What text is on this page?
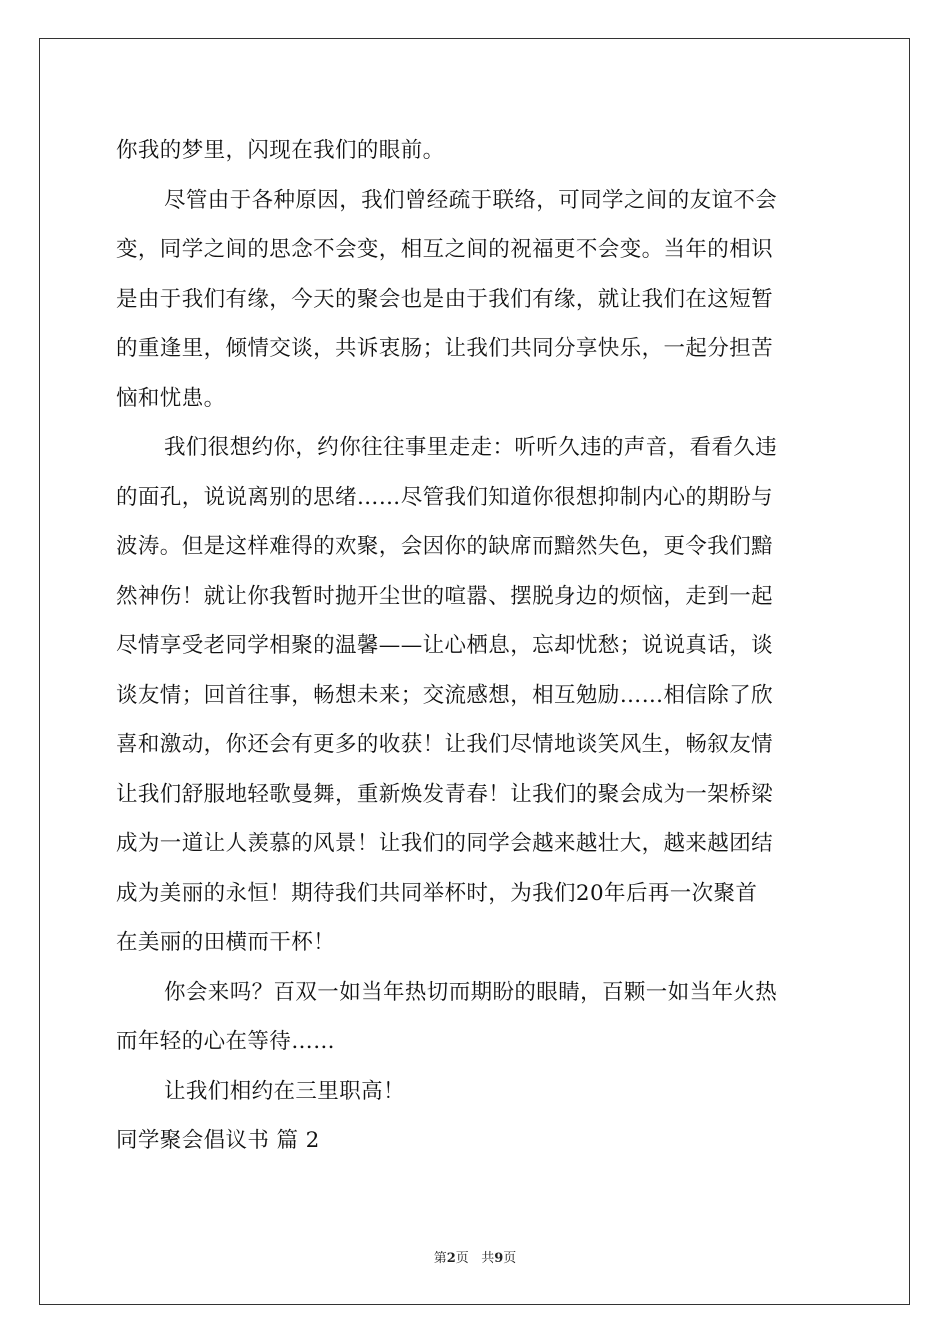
你我的梦里，闪现在我们的眼前。
尽管由于各种原因，我们曾经疏于联络，可同学之间的友谊不会
变，同学之间的思念不会变，相互之间的祝福更不会变。当年的相识
是由于我们有缘，今天的聚会也是由于我们有缘，就让我们在这短暂
的重逢里，倾情交谈，共诉衷肠；让我们共同分享快乐，一起分担苦
恼和忧患。
我们很想约你，约你往往事里走走：听听久违的声音，看看久违
的面孔，说说离别的思绪……尽管我们知道你很想抑制内心的期盼与
波涛。但是这样难得的欢聚，会因你的缺席而黯然失色，更令我们黯
然神伤！就让你我暂时抛开尘世的喧嚣、摆脱身边的烦恼，走到一起
尽情享受老同学相聚的温馨——让心栖息，忘却忧愁；说说真话，谈
谈友情；回首往事，畅想未来；交流感想，相互勉励……相信除了欣
喜和激动，你还会有更多的收获！让我们尽情地谈笑风生，畅叙友情
让我们舒服地轻歌曼舞，重新焕发青春！让我们的聚会成为一架桥梁
成为一道让人羡慕的风景！让我们的同学会越来越壮大，越来越团结
成为美丽的永恒！期待我们共同举杯时，为我们20年后再一次聚首
在美丽的田横而干杯！
你会来吗？百双一如当年热切而期盼的眼睛，百颗一如当年火热
而年轻的心在等待……
让我们相约在三里职高！
同学聚会倡议书 篇 2
第2页 共9页
